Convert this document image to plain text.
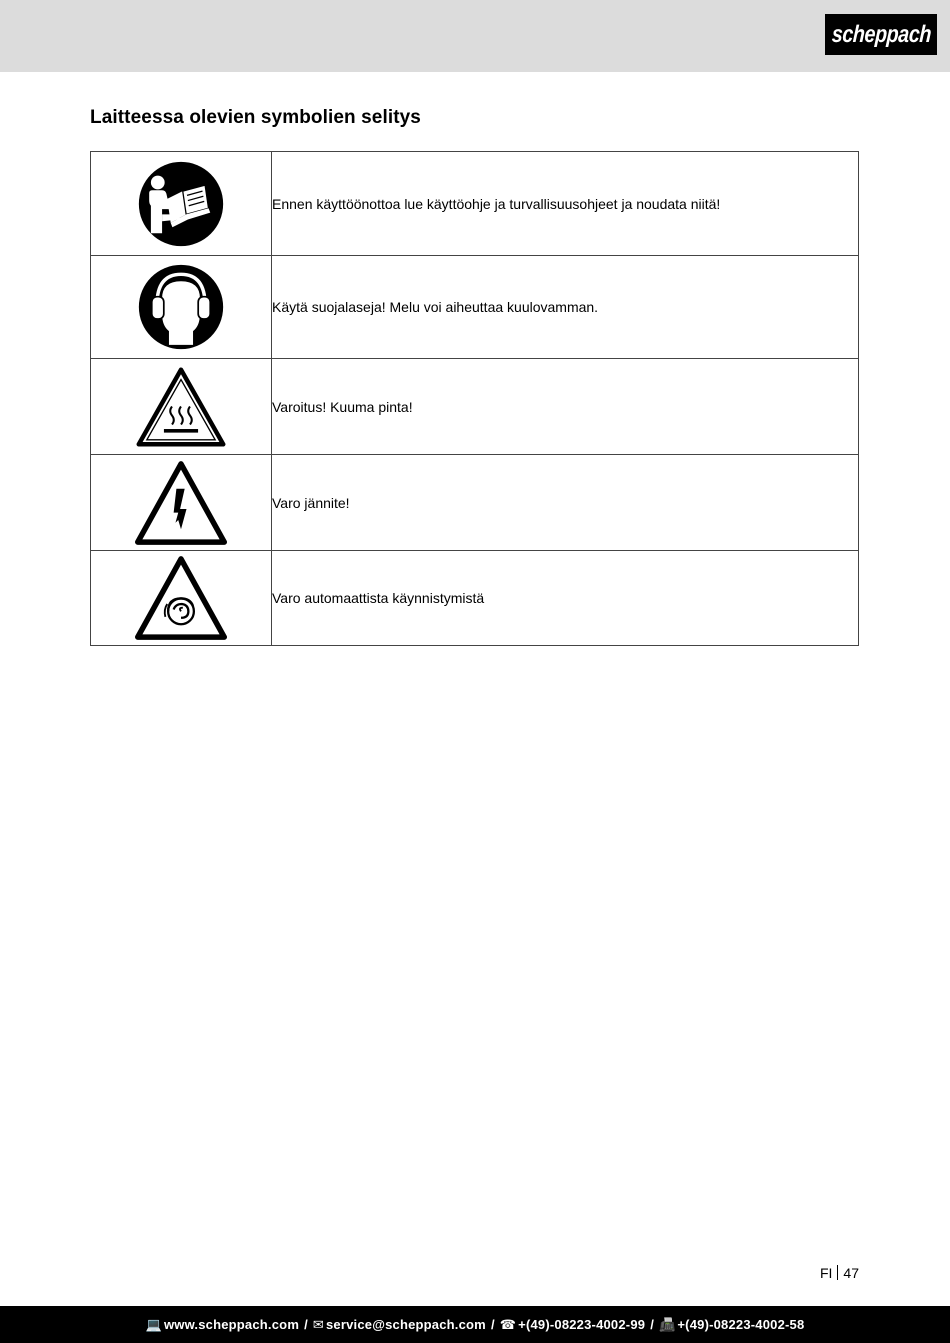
scheppach
Laitteessa olevien symbolien selitys
	Ennen käyttöönottoa lue käyttöohje ja turvallisuusohjeet ja noudata niitä!

	Käytä suojalaseja! Melu voi aiheuttaa kuulovamman.

	Varoitus! Kuuma pinta!

	Varo jännite!

	Varo automaattista käynnistymistä
FI 47
💻 www.scheppach.com / ✉ service@scheppach.com / ☎ +(49)-08223-4002-99 / 📠 +(49)-08223-4002-58
